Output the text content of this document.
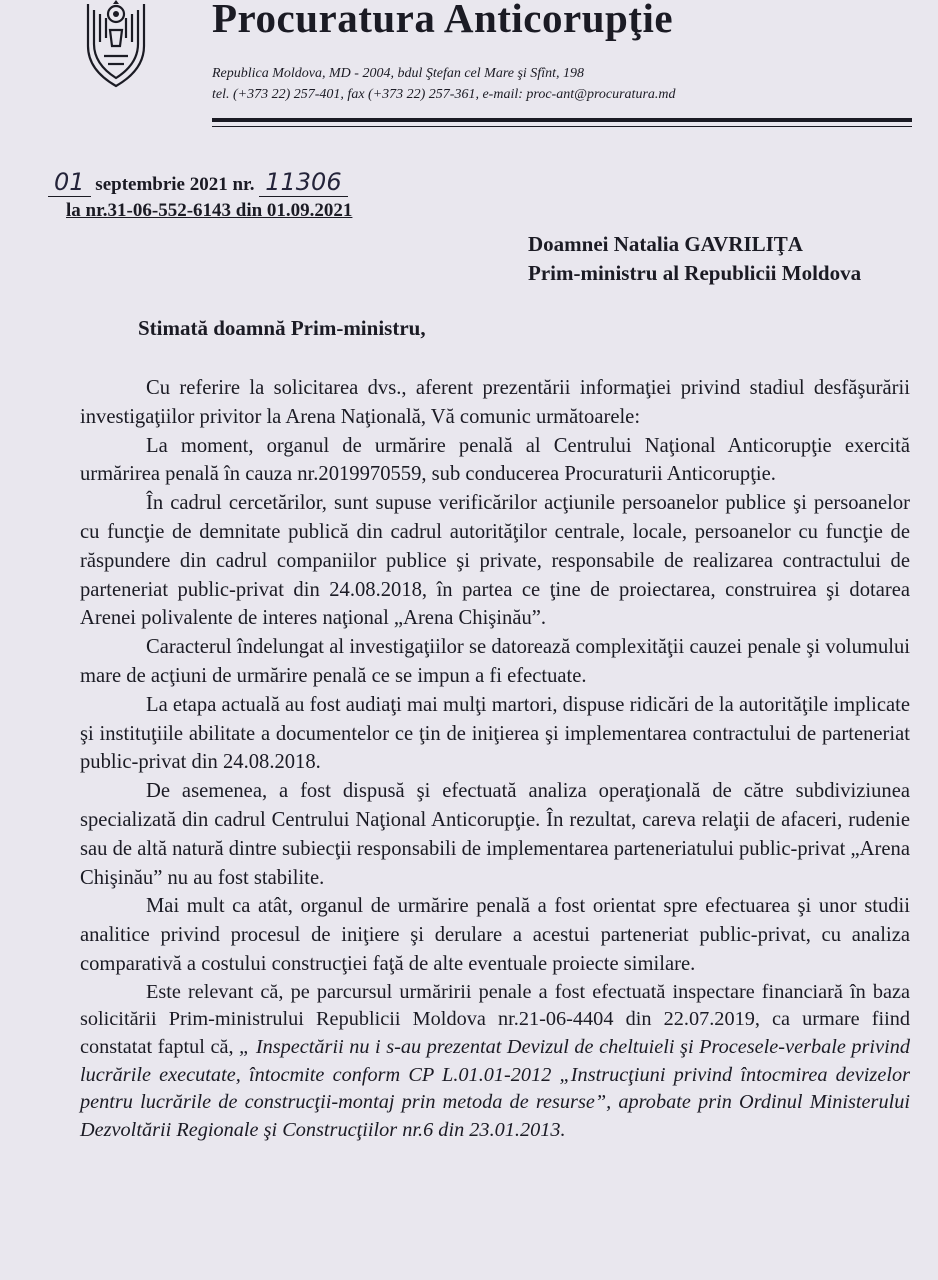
Procuratura Anticorupţie
Republica Moldova, MD - 2004, bdul Ştefan cel Mare şi Sfînt, 198
tel. (+373 22) 257-401, fax (+373 22) 257-361, e-mail: proc-ant@procuratura.md
01 septembrie 2021 nr. 11306
la nr.31-06-552-6143 din 01.09.2021
Doamnei Natalia GAVRILIŢA
Prim-ministru al Republicii Moldova
Stimată doamnă Prim-ministru,

Cu referire la solicitarea dvs., aferent prezentării informaţiei privind stadiul desfăşurării investigaţiilor privitor la Arena Naţională, Vă comunic următoarele:

La moment, organul de urmărire penală al Centrului Naţional Anticorupţie exercită urmărirea penală în cauza nr.2019970559, sub conducerea Procuraturii Anticorupţie.

În cadrul cercetărilor, sunt supuse verificărilor acţiunile persoanelor publice şi persoanelor cu funcţie de demnitate publică din cadrul autorităţilor centrale, locale, persoanelor cu funcţie de răspundere din cadrul companiilor publice şi private, responsabile de realizarea contractului de parteneriat public-privat din 24.08.2018, în partea ce ţine de proiectarea, construirea şi dotarea Arenei polivalente de interes naţional „Arena Chişinău”.

Caracterul îndelungat al investigaţiilor se datorează complexităţii cauzei penale şi volumului mare de acţiuni de urmărire penală ce se impun a fi efectuate.

La etapa actuală au fost audiaţi mai mulţi martori, dispuse ridicări de la autorităţile implicate şi instituţiile abilitate a documentelor ce ţin de iniţierea şi implementarea contractului de parteneriat public-privat din 24.08.2018.

De asemenea, a fost dispusă şi efectuată analiza operaţională de către subdiviziunea specializată din cadrul Centrului Naţional Anticorupţie. În rezultat, careva relaţii de afaceri, rudenie sau de altă natură dintre subiecţii responsabili de implementarea parteneriatului public-privat „Arena Chişinău” nu au fost stabilite.

Mai mult ca atât, organul de urmărire penală a fost orientat spre efectuarea şi unor studii analitice privind procesul de iniţiere şi derulare a acestui parteneriat public-privat, cu analiza comparativă a costului construcţiei faţă de alte eventuale proiecte similare.

Este relevant că, pe parcursul urmăririi penale a fost efectuată inspectare financiară în baza solicitării Prim-ministrului Republicii Moldova nr.21-06-4404 din 22.07.2019, ca urmare fiind constatat faptul că, „ Inspectării nu i s-au prezentat Devizul de cheltuieli şi Procesele-verbale privind lucrările executate, întocmite conform CP L.01.01-2012 „Instrucţiuni privind întocmirea devizelor pentru lucrările de construcţii-montaj prin metoda de resurse”, aprobate prin Ordinul Ministerului Dezvoltării Regionale şi Construcţiilor nr.6 din 23.01.2013.
